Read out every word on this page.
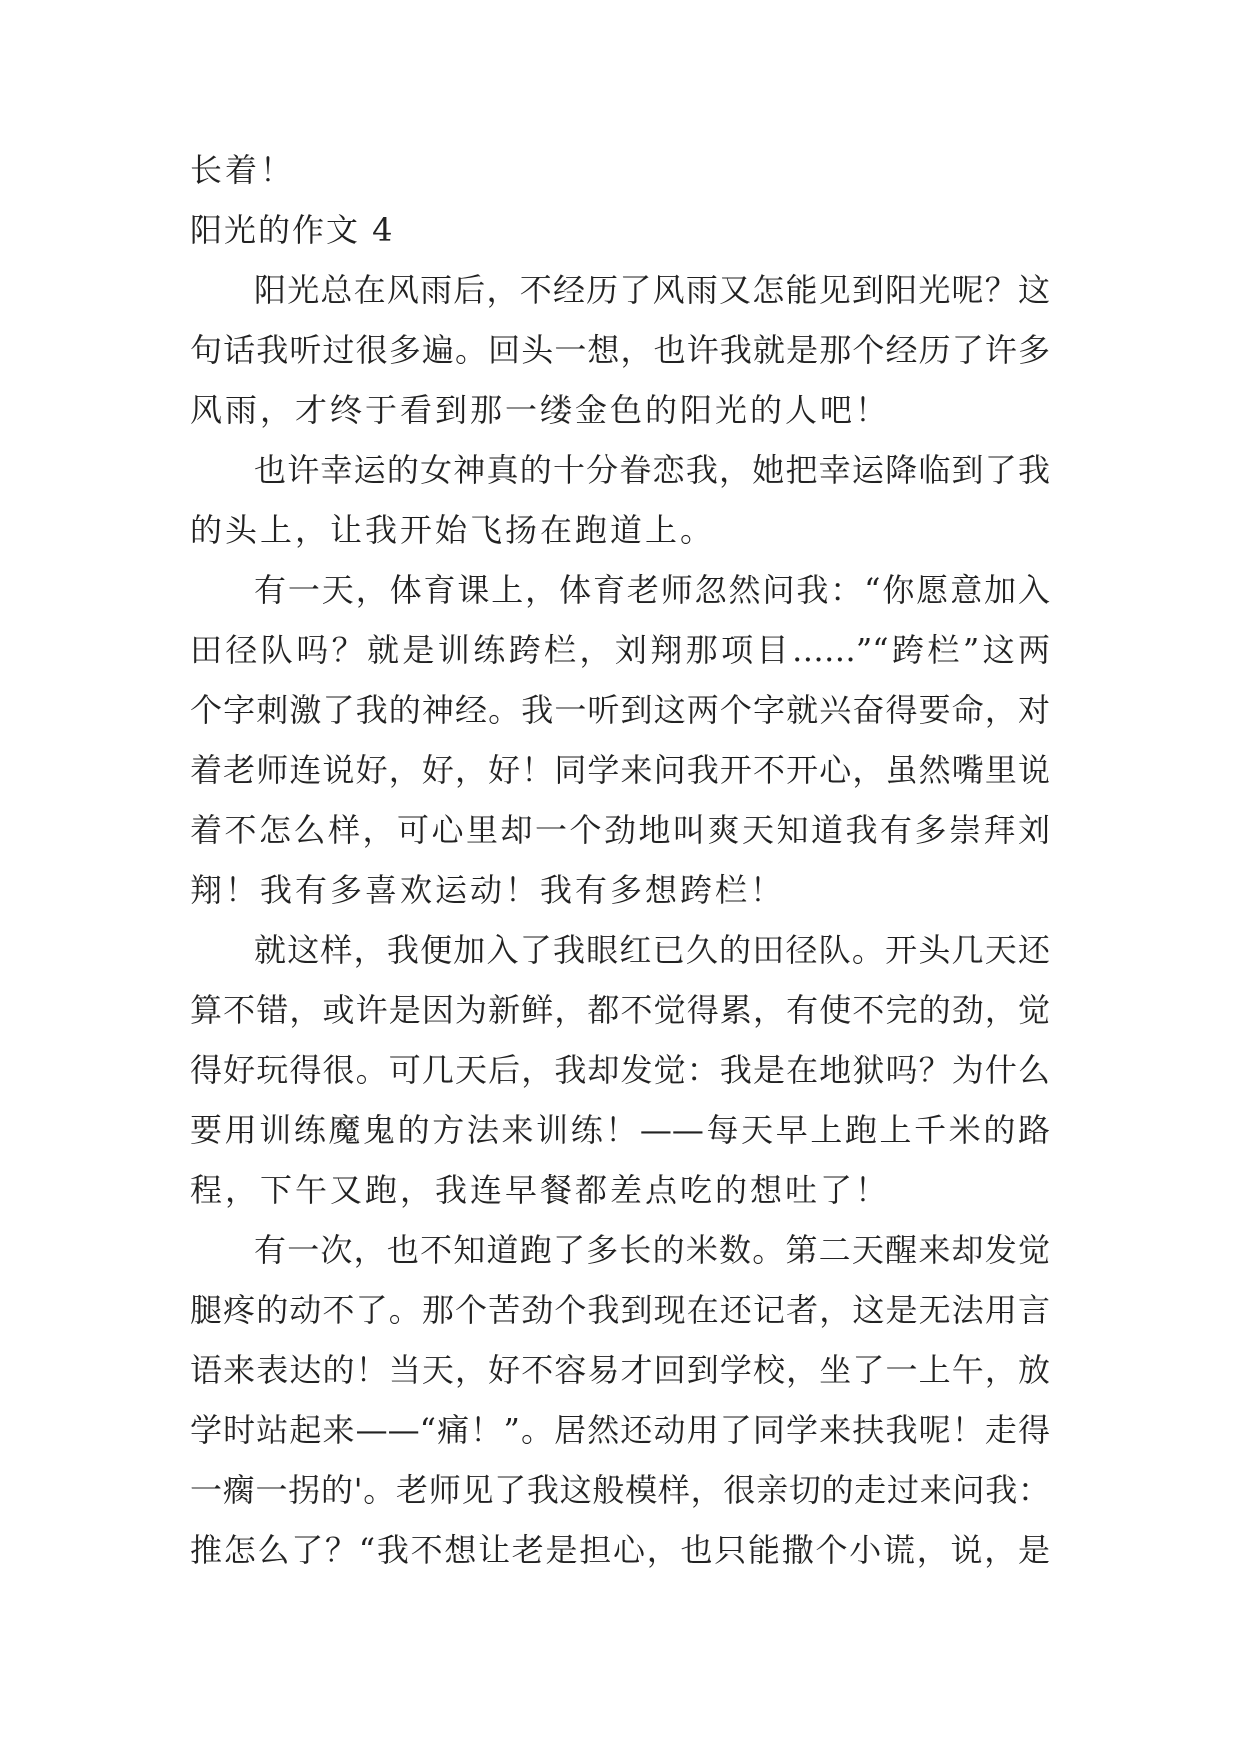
长着！
阳光的作文 4
阳光总在风雨后，不经历了风雨又怎能见到阳光呢？这
句话我听过很多遍。回头一想，也许我就是那个经历了许多
风雨，才终于看到那一缕金色的阳光的人吧！
也许幸运的女神真的十分眷恋我，她把幸运降临到了我
的头上，让我开始飞扬在跑道上。
有一天，体育课上，体育老师忽然问我：“你愿意加入
田径队吗？就是训练跨栏，刘翔那项目……”“跨栏”这两
个字刺激了我的神经。我一听到这两个字就兴奋得要命，对
着老师连说好，好，好！同学来问我开不开心，虽然嘴里说
着不怎么样，可心里却一个劲地叫爽天知道我有多崇拜刘
翔！我有多喜欢运动！我有多想跨栏！
就这样，我便加入了我眼红已久的田径队。开头几天还
算不错，或许是因为新鲜，都不觉得累，有使不完的劲，觉
得好玩得很。可几天后，我却发觉：我是在地狱吗？为什么
要用训练魔鬼的方法来训练！——每天早上跑上千米的路
程，下午又跑，我连早餐都差点吃的想吐了！
有一次，也不知道跑了多长的米数。第二天醒来却发觉
腿疼的动不了。那个苦劲个我到现在还记者，这是无法用言
语来表达的！当天，好不容易才回到学校，坐了一上午，放
学时站起来——“痛！”。居然还动用了同学来扶我呢！走得
一瘸一拐的'。老师见了我这般模样，很亲切的走过来问我：
推怎么了？“我不想让老是担心，也只能撒个小谎，说，是
